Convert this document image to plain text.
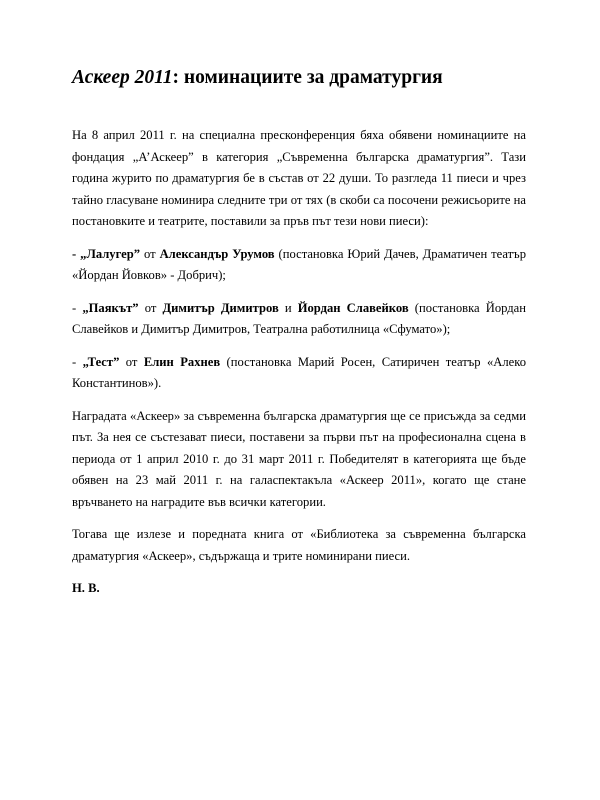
Аскеер 2011: номинациите за драматургия

На 8 април 2011 г. на специална пресконференция бяха обявени номинациите на фондация „А’Аскеер” в категория „Съвременна българска драматургия”. Тази година журито по драматургия бе в състав от 22 души. То разгледа 11 пиеси и чрез тайно гласуване номинира следните три от тях (в скоби са посочени режисьорите на постановките и театрите, поставили за пръв път тези нови пиеси):

- „Лалугер” от Александър Урумов (постановка Юрий Дачев, Драматичен театър «Йордан Йовков» - Добрич);

- „Паякът” от Димитър Димитров и Йордан Славейков (постановка Йордан Славейков и Димитър Димитров, Театрална работилница «Сфумато»);

- „Тест” от Елин Рахнев (постановка Марий Росен, Сатиричен театър «Алеко Константинов»).

Наградата «Аскеер» за съвременна българска драматургия ще се присъжда за седми път. За нея се състезават пиеси, поставени за първи път на професионална сцена в периода от 1 април 2010 г. до 31 март 2011 г. Победителят в категорията ще бъде обявен на 23 май 2011 г. на галаспектакъла «Аскеер 2011», когато ще стане връчването на наградите във всички категории.

Тогава ще излезе и поредната книга от «Библиотека за съвременна българска драматургия «Аскеер», съдържаща и трите номинирани пиеси.

Н. В.
